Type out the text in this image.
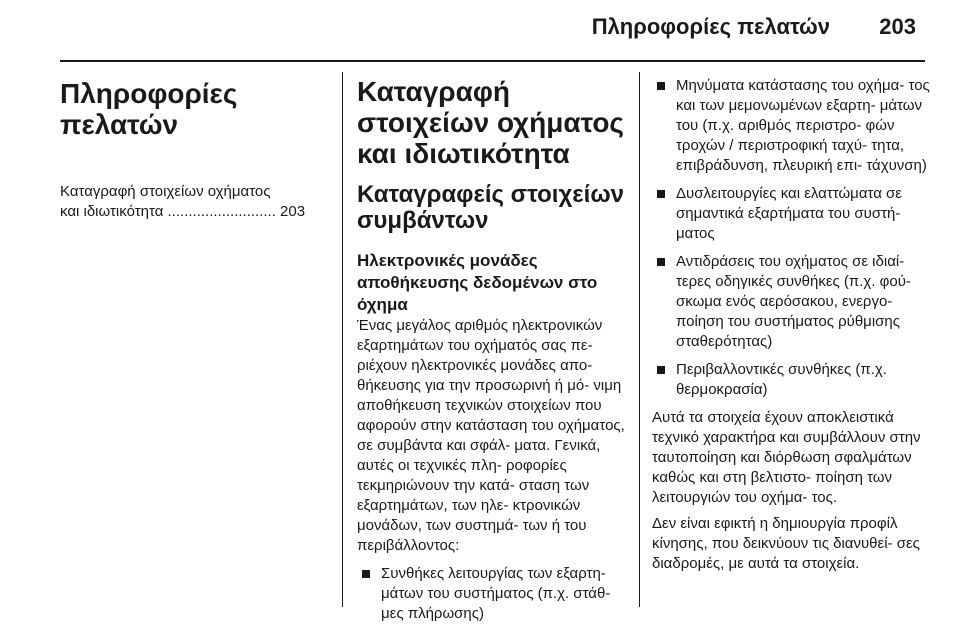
Πληροφορίες πελατών 203
Πληροφορίες πελατών
Καταγραφή στοιχείων οχήματος
και ιδιωτικότητα .......................... 203
Καταγραφή στοιχείων οχήματος και ιδιωτικότητα
Καταγραφείς στοιχείων συμβάντων
Ηλεκτρονικές μονάδες αποθήκευσης δεδομένων στο όχημα

Ένας μεγάλος αριθμός ηλεκτρονικών εξαρτημάτων του οχήματός σας πε- ριέχουν ηλεκτρονικές μονάδες απο- θήκευσης για την προσωρινή ή μό- νιμη αποθήκευση τεχνικών στοιχείων που αφορούν στην κατάσταση του οχήματος, σε συμβάντα και σφάλ- ματα. Γενικά, αυτές οι τεχνικές πλη- ροφορίες τεκμηριώνουν την κατά- σταση των εξαρτημάτων, των ηλε- κτρονικών μονάδων, των συστημά- των ή του περιβάλλοντος:

Συνθήκες λειτουργίας των εξαρτη- μάτων του συστήματος (π.χ. στάθ- μες πλήρωσης)
Μηνύματα κατάστασης του οχήμα- τος και των μεμονωμένων εξαρτη- μάτων του (π.χ. αριθμός περιστρο- φών τροχών / περιστροφική ταχύ- τητα, επιβράδυνση, πλευρική επι- τάχυνση)
Δυσλειτουργίες και ελαττώματα σε σημαντικά εξαρτήματα του συστή- ματος
Αντιδράσεις του οχήματος σε ιδιαί- τερες οδηγικές συνθήκες (π.χ. φού- σκωμα ενός αερόσακου, ενεργο- ποίηση του συστήματος ρύθμισης σταθερότητας)
Περιβαλλοντικές συνθήκες (π.χ. θερμοκρασία)

Αυτά τα στοιχεία έχουν αποκλειστικά τεχνικό χαρακτήρα και συμβάλλουν στην ταυτοποίηση και διόρθωση σφαλμάτων καθώς και στη βελτιστο- ποίηση των λειτουργιών του οχήμα- τος.

Δεν είναι εφικτή η δημιουργία προφίλ κίνησης, που δεικνύουν τις διανυθεί- σες διαδρομές, με αυτά τα στοιχεία.
